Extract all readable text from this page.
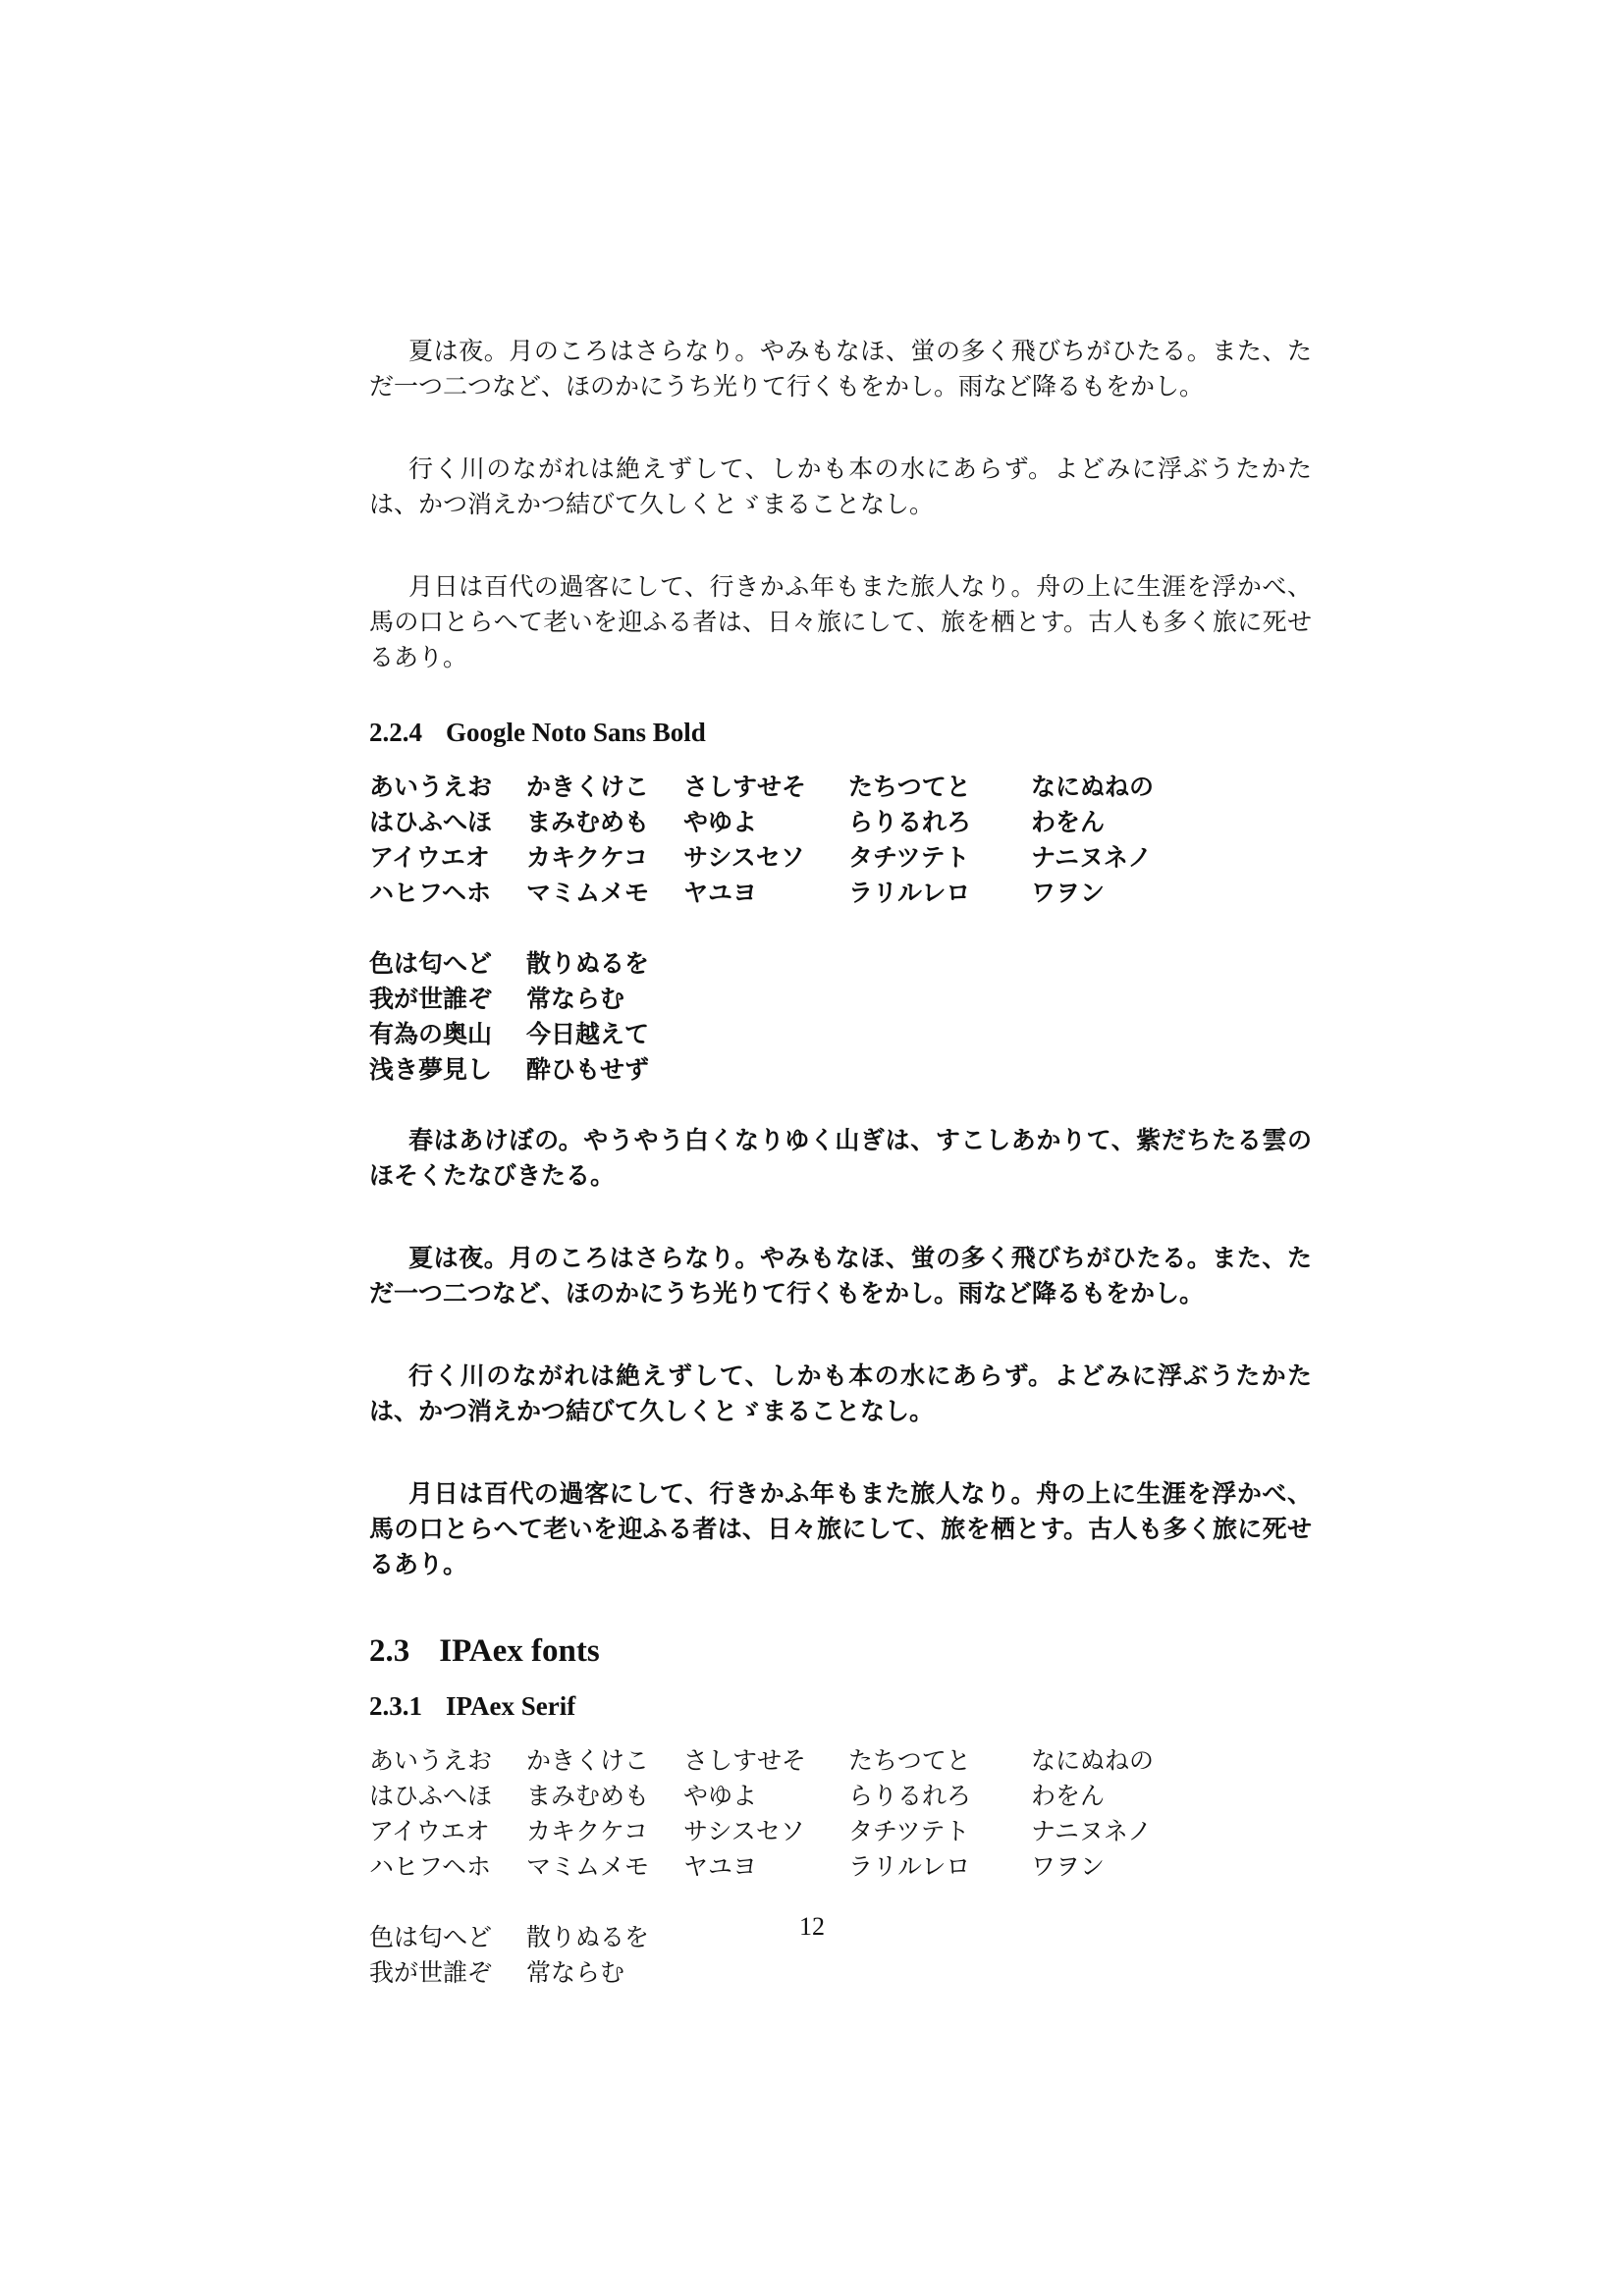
夏は夜。月のころはさらなり。やみもなほ、蛍の多く飛びちがひたる。また、ただ一つ二つなど、ほのかにうち光りて行くもをかし。雨など降るもをかし。

行く川のながれは絶えずして、しかも本の水にあらず。よどみに浮ぶうたかたは、かつ消えかつ結びて久しくとゞまることなし。

月日は百代の過客にして、行きかふ年もまた旅人なり。舟の上に生涯を浮かべ、馬の口とらへて老いを迎ふる者は、日々旅にして、旅を栖とす。古人も多く旅に死せるあり。

2.2.4 Google Noto Sans Bold
あいうえお	かきくけこ	さしすせそ	たちつてと	なにぬねの
はひふへほ	まみむめも	やゆよ	らりるれろ	わをん
アイウエオ	カキクケコ	サシスセソ	タチツテト	ナニヌネノ
ハヒフヘホ	マミムメモ	ヤユヨ	ラリルレロ	ワヲン
色は匂へど	散りぬるを
我が世誰ぞ	常ならむ
有為の奥山	今日越えて
浅き夢見し	酔ひもせず

春はあけぼの。やうやう白くなりゆく山ぎは、すこしあかりて、紫だちたる雲のほそくたなびきたる。

夏は夜。月のころはさらなり。やみもなほ、蛍の多く飛びちがひたる。また、ただ一つ二つなど、ほのかにうち光りて行くもをかし。雨など降るもをかし。

行く川のながれは絶えずして、しかも本の水にあらず。よどみに浮ぶうたかたは、かつ消えかつ結びて久しくとゞまることなし。

月日は百代の過客にして、行きかふ年もまた旅人なり。舟の上に生涯を浮かべ、馬の口とらへて老いを迎ふる者は、日々旅にして、旅を栖とす。古人も多く旅に死せるあり。

2.3 IPAex fonts
2.3.1 IPAex Serif
あいうえお	かきくけこ	さしすせそ	たちつてと	なにぬねの
はひふへほ	まみむめも	やゆよ	らりるれろ	わをん
アイウエオ	カキクケコ	サシスセソ	タチツテト	ナニヌネノ
ハヒフヘホ	マミムメモ	ヤユヨ	ラリルレロ	ワヲン
色は匂へど	散りぬるを
我が世誰ぞ	常ならむ
12
